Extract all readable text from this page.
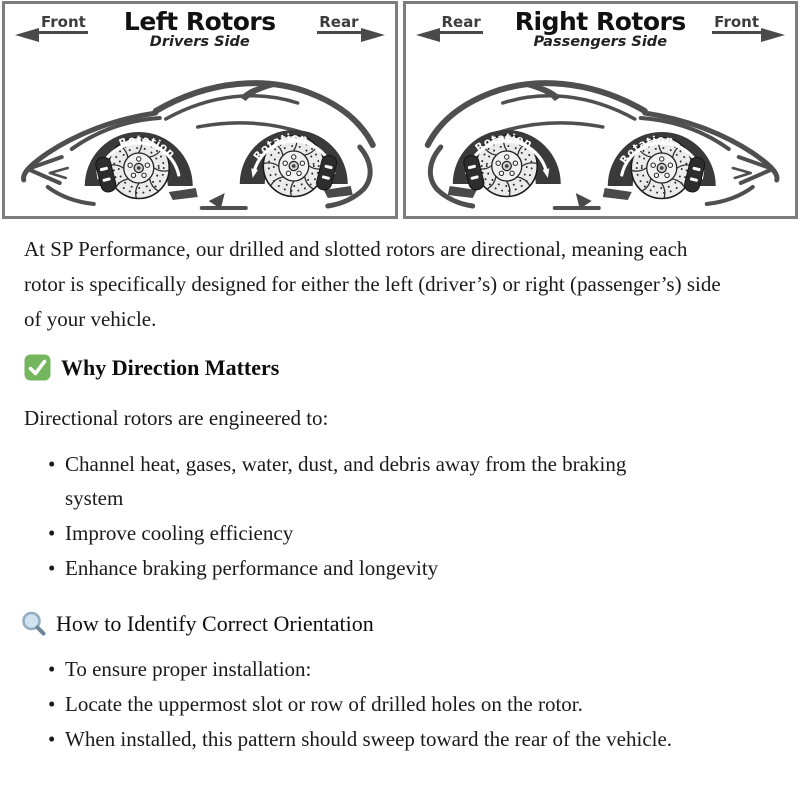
Front	Left Rotors
Drivers Side
Rear
Rotation	Rotation
Rear	Right Rotors
Passengers Side
Front
Rotation
Rotation

At SP Performance, our drilled and slotted rotors are directional, meaning each rotor is specifically designed for either the left (driver’s) or right (passenger’s) side of your vehicle.

Why Direction Matters

Directional rotors are engineered to:

• Channel heat, gases, water, dust, and debris away from the braking system
• Improve cooling efficiency
• Enhance braking performance and longevity
How to Identify Correct Orientation
• To ensure proper installation:
• Locate the uppermost slot or row of drilled holes on the rotor.
• When installed, this pattern should sweep toward the rear of the vehicle.
